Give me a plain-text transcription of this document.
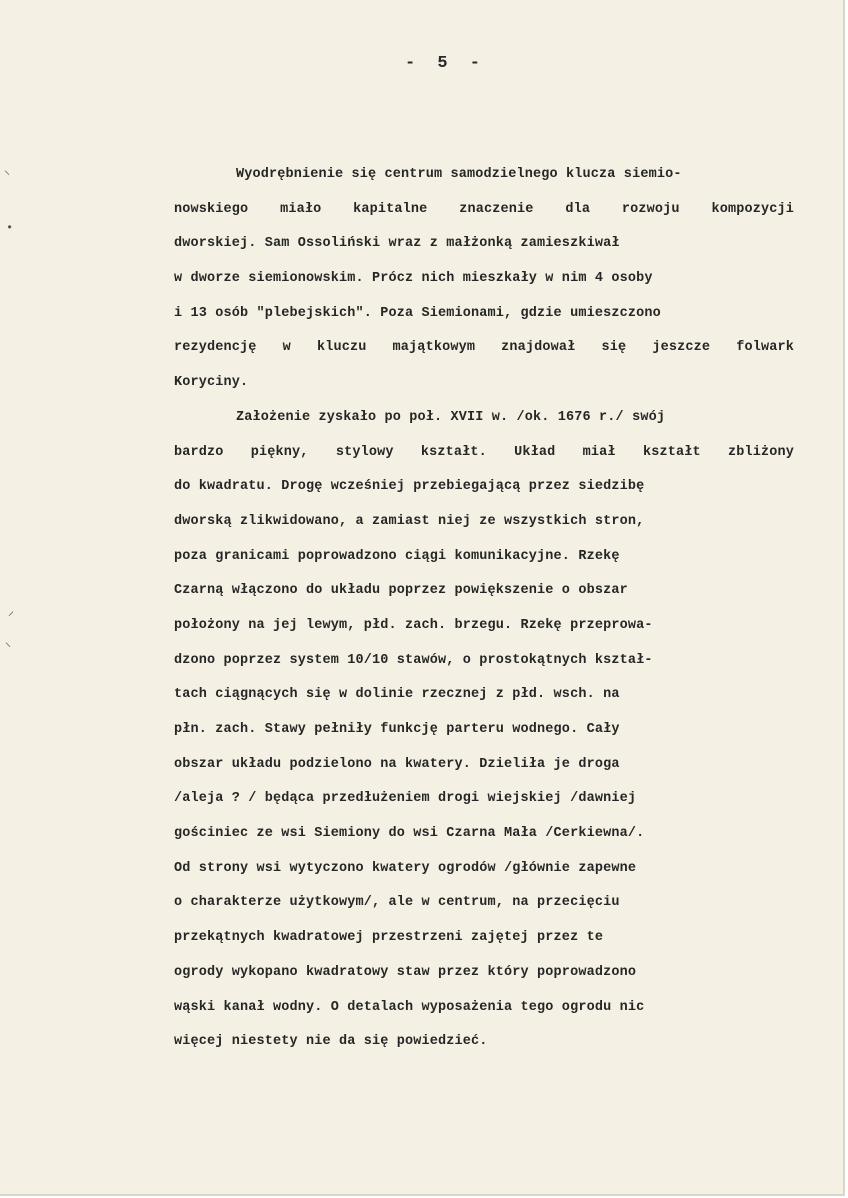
- 5 -
⸌
•
⸍
⸌
Wyodrębnienie się centrum samodzielnego klucza siemio-
nowskiego miało kapitalne znaczenie dla rozwoju kompozycji
dworskiej. Sam Ossoliński wraz z małżonką zamieszkiwał
w dworze siemionowskim. Prócz nich mieszkały w nim 4 osoby
i 13 osób "plebejskich". Poza Siemionami, gdzie umieszczono
rezydencję w kluczu majątkowym znajdował się jeszcze folwark
Koryciny.
Założenie zyskało po poł. XVII w. /ok. 1676 r./ swój
bardzo piękny, stylowy kształt. Układ miał kształt zbliżony
do kwadratu. Drogę wcześniej przebiegającą przez siedzibę
dworską zlikwidowano, a zamiast niej ze wszystkich stron,
poza granicami poprowadzono ciągi komunikacyjne. Rzekę
Czarną włączono do układu poprzez powiększenie o obszar
położony na jej lewym, płd. zach. brzegu. Rzekę przeprowa-
dzono poprzez system 10/10 stawów, o prostokątnych kształ-
tach ciągnących się w dolinie rzecznej z płd. wsch. na
płn. zach. Stawy pełniły funkcję parteru wodnego. Cały
obszar układu podzielono na kwatery. Dzieliła je droga
/aleja ? / będąca przedłużeniem drogi wiejskiej /dawniej
gościniec ze wsi Siemiony do wsi Czarna Mała /Cerkiewna/.
Od strony wsi wytyczono kwatery ogrodów /głównie zapewne
o charakterze użytkowym/, ale w centrum, na przecięciu
przekątnych kwadratowej przestrzeni zajętej przez te
ogrody wykopano kwadratowy staw przez który poprowadzono
wąski kanał wodny. O detalach wyposażenia tego ogrodu nic
więcej niestety nie da się powiedzieć.
